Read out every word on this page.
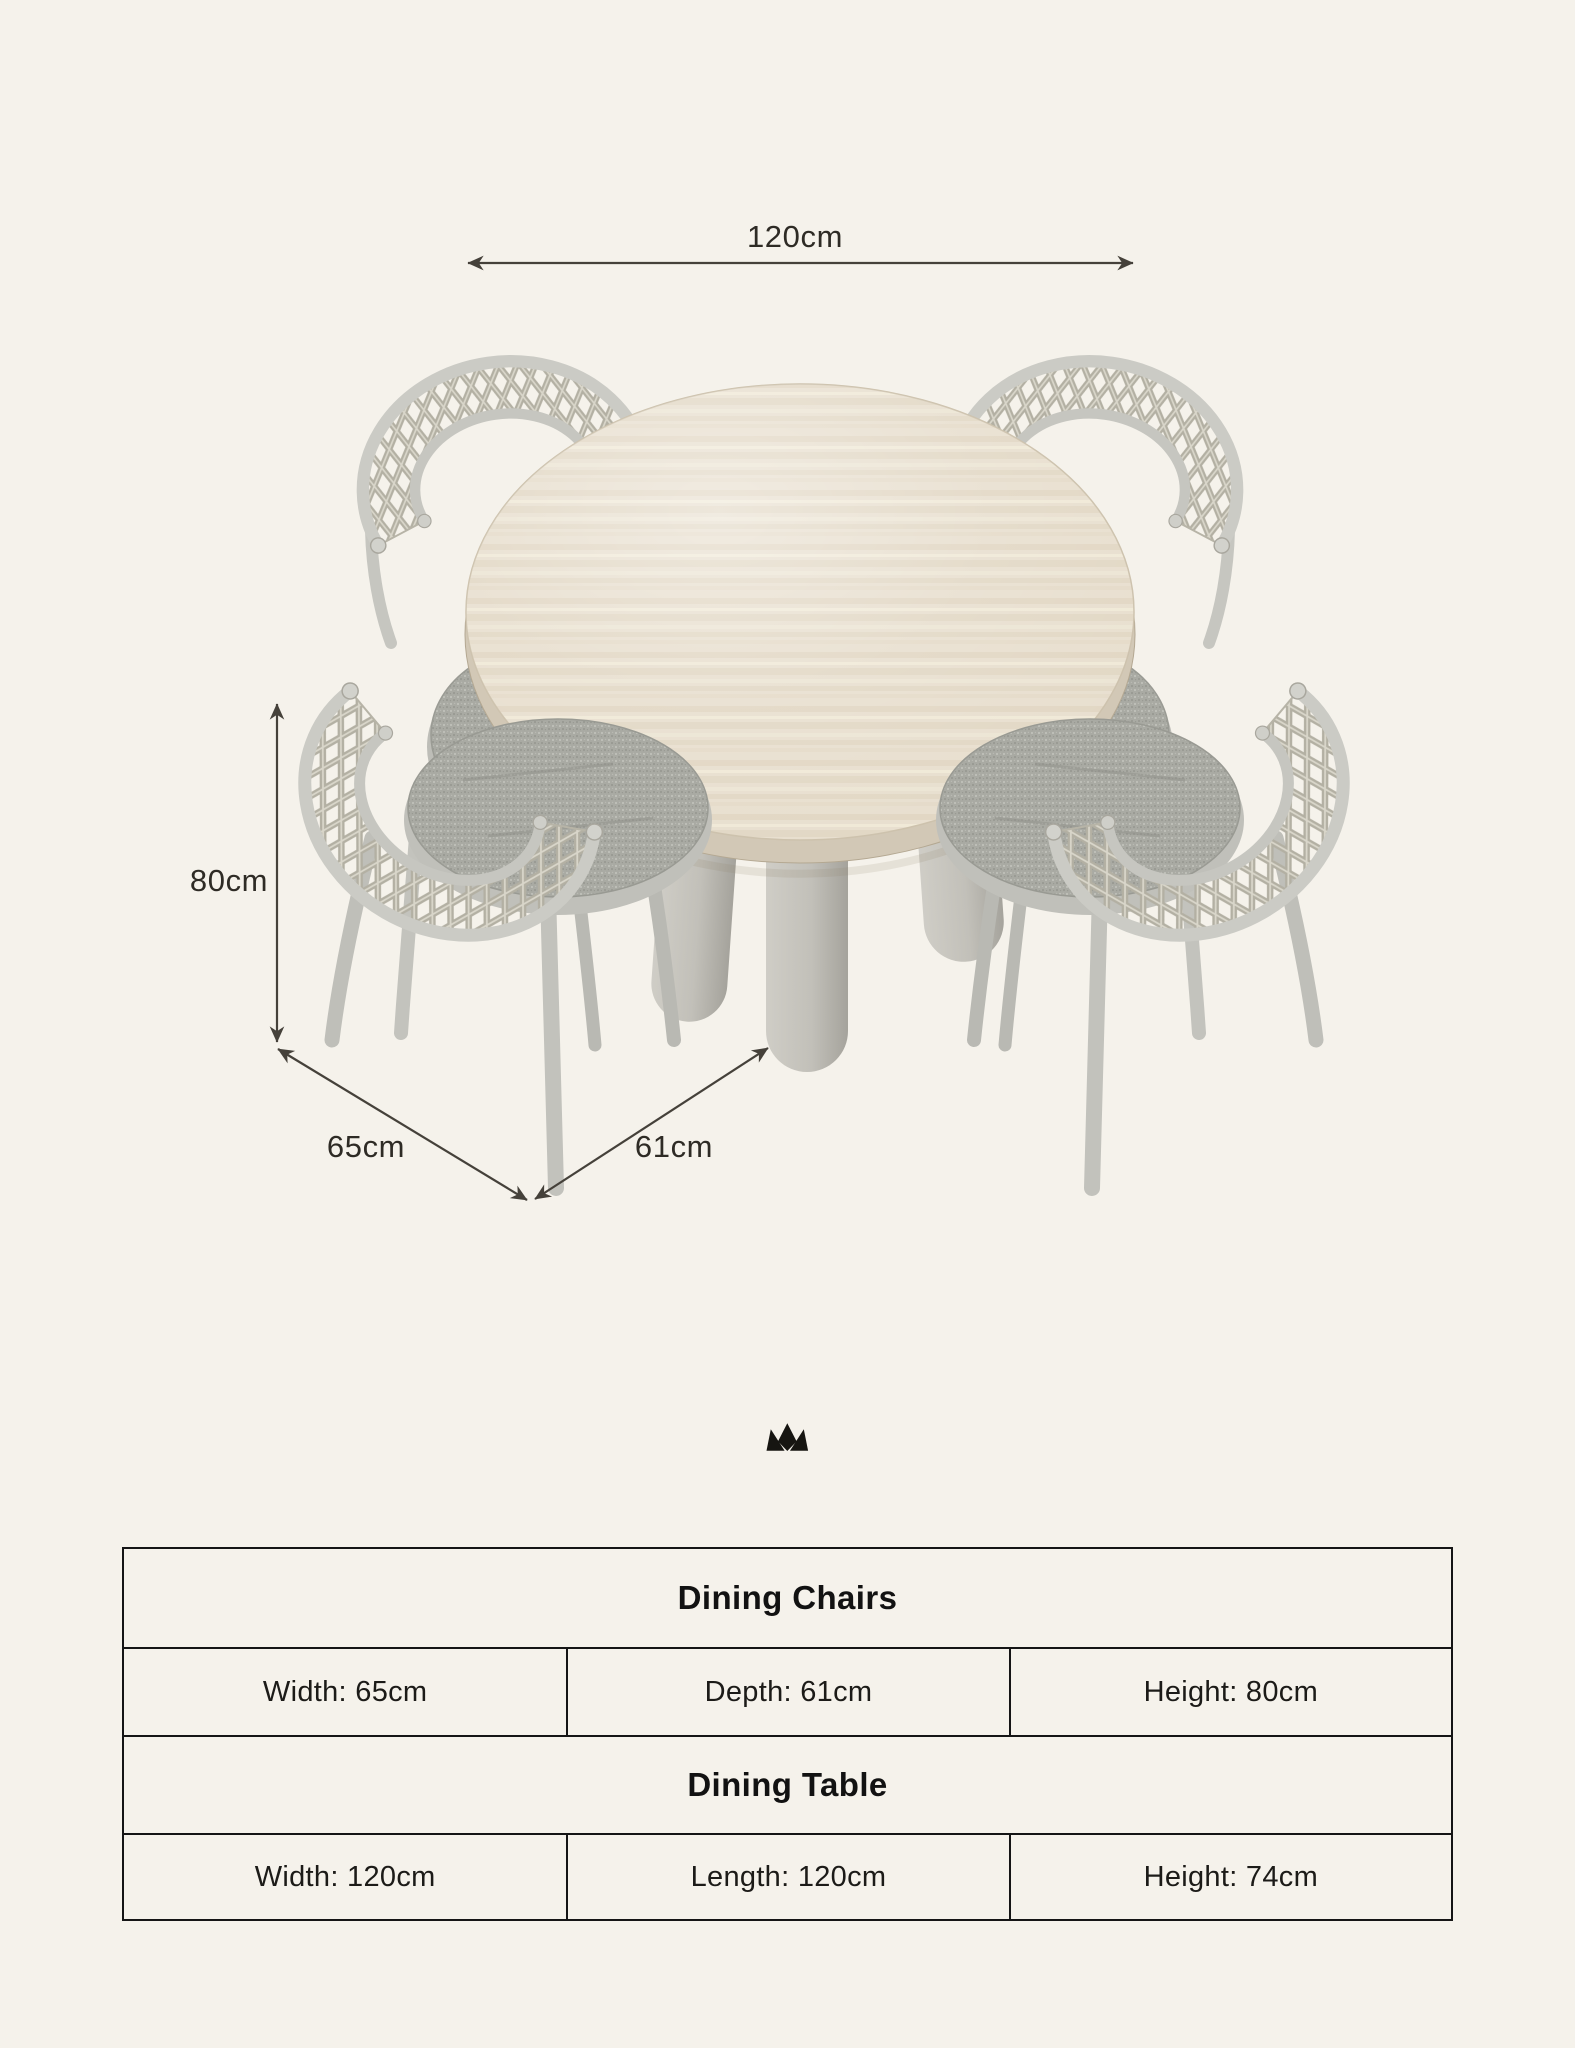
120cm
80cm
65cm	61cm
Dining Chairs
Width: 65cm	Depth: 61cm	Height: 80cm
Dining Table
Width: 120cm	Length: 120cm	Height: 74cm
